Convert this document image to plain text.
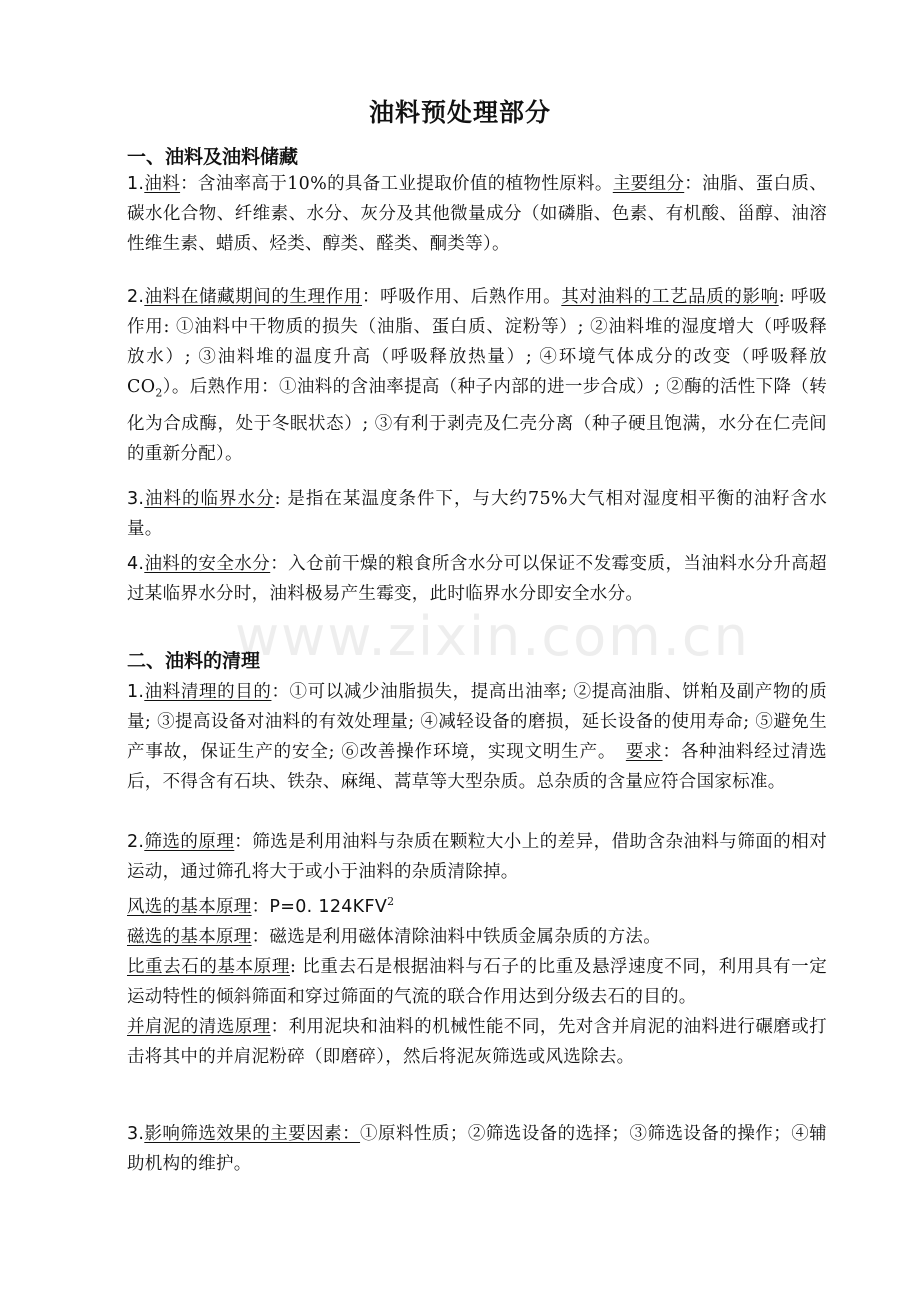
www.zixin.com.cn
油料预处理部分
一、油料及油料储藏

1.油料：含油率高于10%的具备工业提取价值的植物性原料。主要组分：油脂、蛋白质、碳水化合物、纤维素、水分、灰分及其他微量成分（如磷脂、色素、有机酸、甾醇、油溶性维生素、蜡质、烃类、醇类、醛类、酮类等）。

2.油料在储藏期间的生理作用：呼吸作用、后熟作用。其对油料的工艺品质的影响: 呼吸作用: ①油料中干物质的损失（油脂、蛋白质、淀粉等）; ②油料堆的湿度增大（呼吸释放水）; ③油料堆的温度升高（呼吸释放热量）; ④环境气体成分的改变（呼吸释放$CO_2$）。后熟作用：①油料的含油率提高（种子内部的进一步合成）; ②酶的活性下降（转化为合成酶，处于冬眠状态）; ③有利于剥壳及仁壳分离（种子硬且饱满，水分在仁壳间的重新分配）。

3.油料的临界水分: 是指在某温度条件下，与大约75%大气相对湿度相平衡的油籽含水量。

4.油料的安全水分：入仓前干燥的粮食所含水分可以保证不发霉变质，当油料水分升高超过某临界水分时，油料极易产生霉变，此时临界水分即安全水分。

二、油料的清理

1.油料清理的目的：①可以减少油脂损失，提高出油率; ②提高油脂、饼粕及副产物的质量; ③提高设备对油料的有效处理量; ④减轻设备的磨损，延长设备的使用寿命; ⑤避免生产事故，保证生产的安全; ⑥改善操作环境，实现文明生产。　要求：各种油料经过清选后，不得含有石块、铁杂、麻绳、蒿草等大型杂质。总杂质的含量应符合国家标准。

2.筛选的原理：筛选是利用油料与杂质在颗粒大小上的差异，借助含杂油料与筛面的相对运动，通过筛孔将大于或小于油料的杂质清除掉。
风选的基本原理：P=0. 124KFV$^2$
磁选的基本原理：磁选是利用磁体清除油料中铁质金属杂质的方法。
比重去石的基本原理: 比重去石是根据油料与石子的比重及悬浮速度不同，利用具有一定运动特性的倾斜筛面和穿过筛面的气流的联合作用达到分级去石的目的。
并肩泥的清选原理：利用泥块和油料的机械性能不同，先对含并肩泥的油料进行碾磨或打击将其中的并肩泥粉碎（即磨碎），然后将泥灰筛选或风选除去。

3.影响筛选效果的主要因素：①原料性质；②筛选设备的选择；③筛选设备的操作；④辅助机构的维护。
